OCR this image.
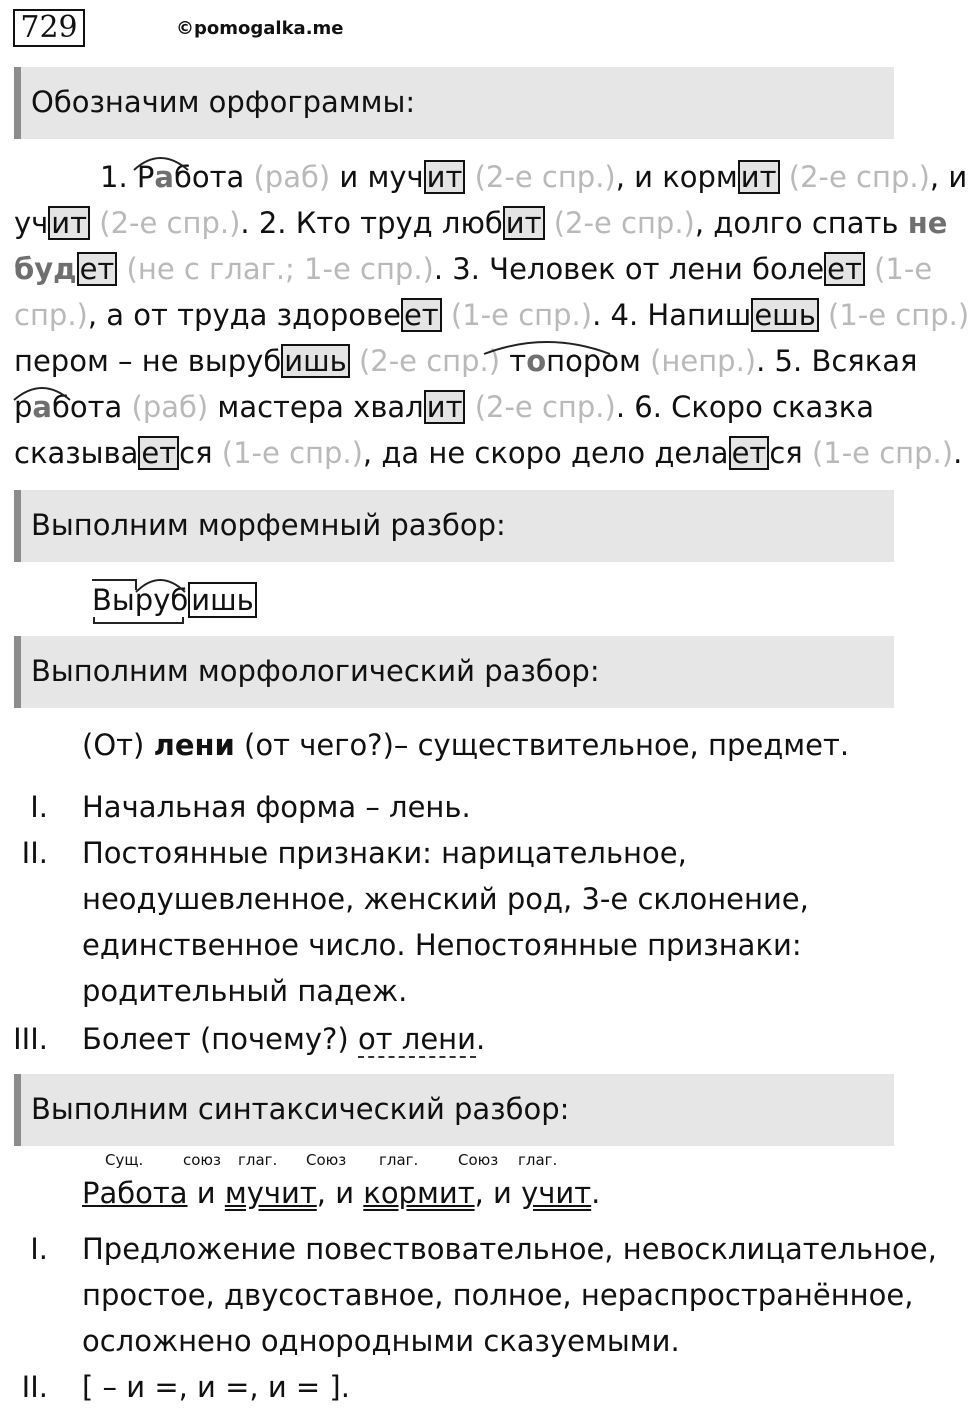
729	©pomogalka.me
Обозначим орфограммы:
1. Работа (раб) и муч ит (2-е спр.), и корм ит (2-е спр.), и
уч ит (2-е спр.). 2. Кто труд люб ит (2-е спр.), долго спать не
буд ет (не с глаг.; 1-е спр.). 3. Человек от лени боле ет (1-е
спр.), а от труда здорове ет (1-е спр.). 4. Напиш ешь (1-е спр.)
пером – не выруб ишь (2-е спр.) топором (непр.). 5. Всякая
работа (раб) мастера хвал ит (2-е спр.). 6. Скоро сказка
сказыва ет ся (1-е спр.), да не скоро дело дела ет ся (1-е спр.).
Выполним морфемный разбор:
Выруб ишь
Выполним морфологический разбор:
(От) лени (от чего?)– существительное, предмет.
I. Начальная форма – лень.
II. Постоянные признаки: нарицательное,
неодушевленное, женский род, 3-е склонение,
единственное число. Непостоянные признаки:
родительный падеж.
III. Болеет (почему?) от лени.
Выполним синтаксический разбор:
Сущ.	союз глаг. Союз глаг.	Союз глаг.
Работа и мучит, и кормит, и учит.
I. Предложение повествовательное, невосклицательное,
простое, двусоставное, полное, нераспространённое,
осложнено однородными сказуемыми.
II. [ – и =, и =, и = ].
